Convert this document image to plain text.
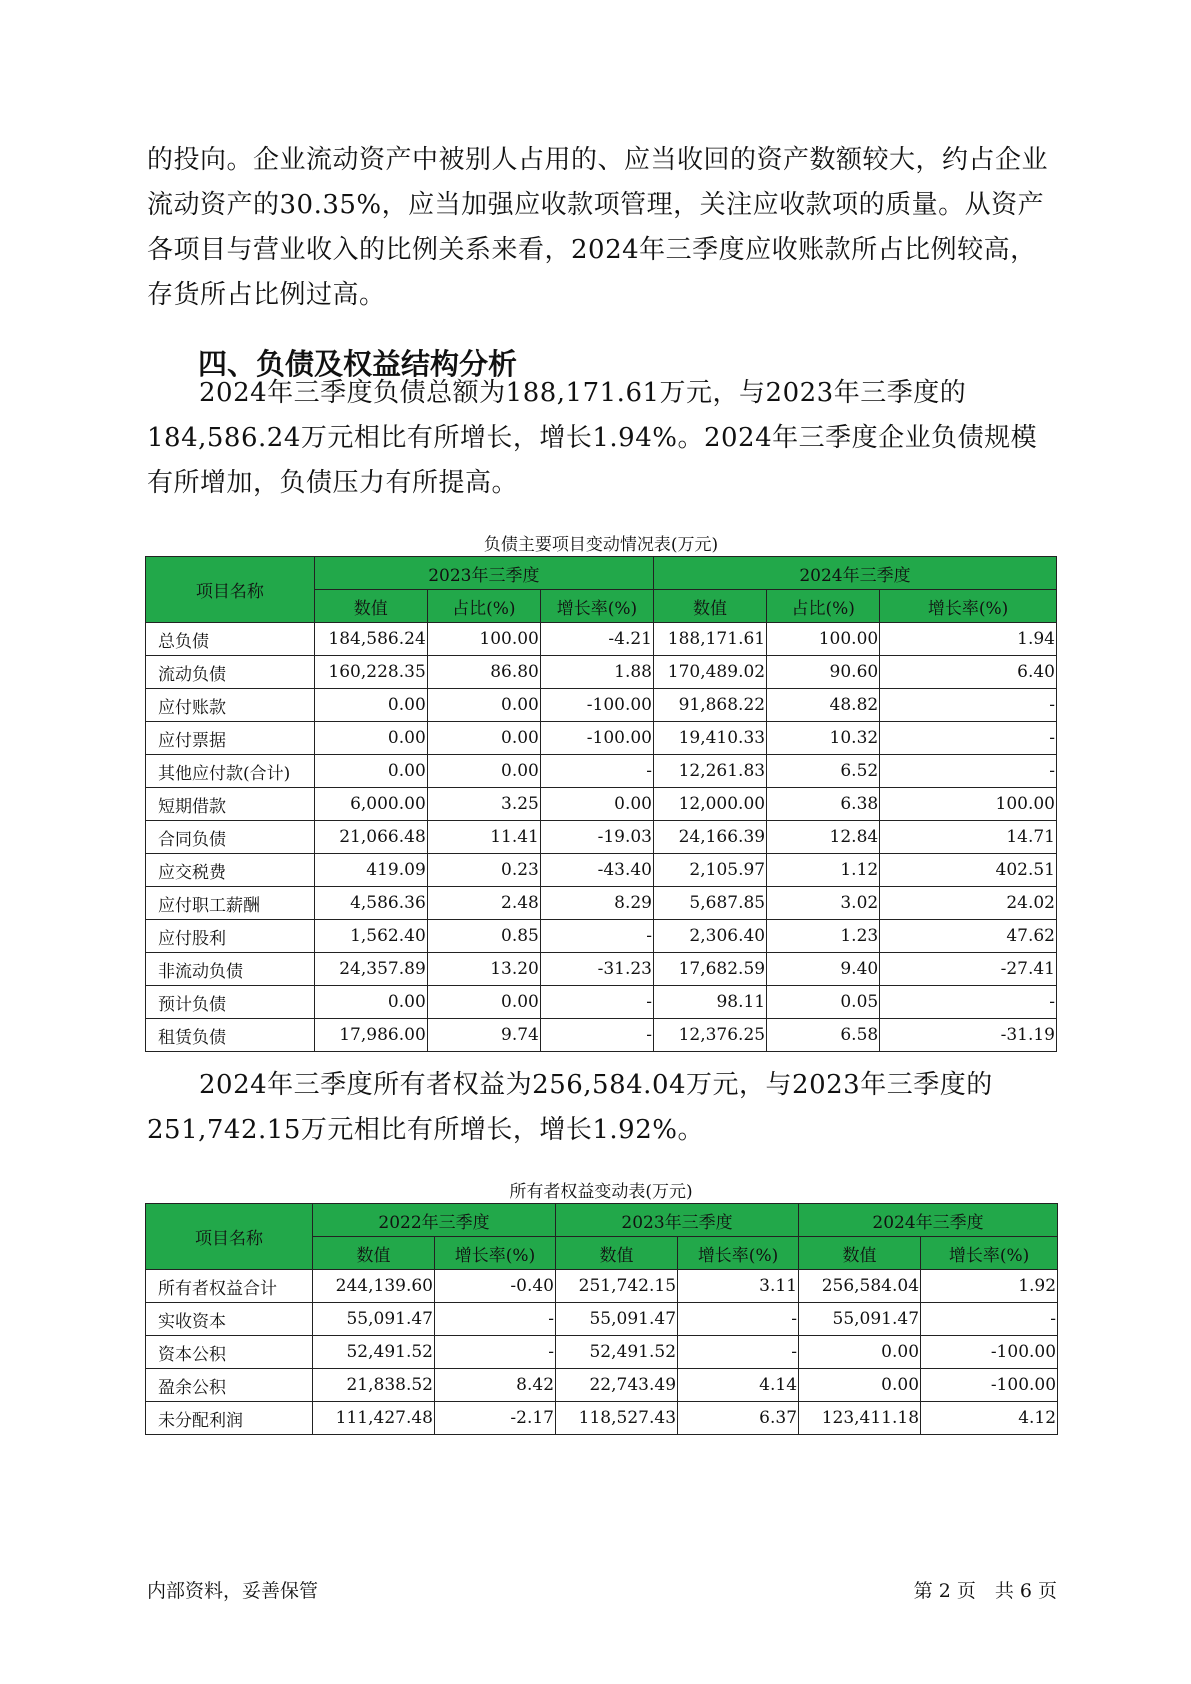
的投向。企业流动资产中被别人占用的、应当收回的资产数额较大，约占企业流动资产的30.35%，应当加强应收款项管理，关注应收款项的质量。从资产各项目与营业收入的比例关系来看，2024年三季度应收账款所占比例较高，存货所占比例过高。
四、负债及权益结构分析
2024年三季度负债总额为188,171.61万元，与2023年三季度的184,586.24万元相比有所增长，增长1.94%。2024年三季度企业负债规模有所增加，负债压力有所提高。
负债主要项目变动情况表(万元)
项目名称	2023年三季度			2024年三季度		
	数值	占比(%)	增长率(%)	数值	占比(%)	增长率(%)
总负债	184,586.24	100.00	-4.21	188,171.61	100.00	1.94
流动负债	160,228.35	86.80	1.88	170,489.02	90.60	6.40
应付账款	0.00	0.00	-100.00	91,868.22	48.82	-
应付票据	0.00	0.00	-100.00	19,410.33	10.32	-
其他应付款(合计)	0.00	0.00	-	12,261.83	6.52	-
短期借款	6,000.00	3.25	0.00	12,000.00	6.38	100.00
合同负债	21,066.48	11.41	-19.03	24,166.39	12.84	14.71
应交税费	419.09	0.23	-43.40	2,105.97	1.12	402.51
应付职工薪酬	4,586.36	2.48	8.29	5,687.85	3.02	24.02
应付股利	1,562.40	0.85	-	2,306.40	1.23	47.62
非流动负债	24,357.89	13.20	-31.23	17,682.59	9.40	-27.41
预计负债	0.00	0.00	-	98.11	0.05	-
租赁负债	17,986.00	9.74	-	12,376.25	6.58	-31.19
2024年三季度所有者权益为256,584.04万元，与2023年三季度的251,742.15万元相比有所增长，增长1.92%。
所有者权益变动表(万元)
项目名称	2022年三季度		2023年三季度		2024年三季度	
	数值	增长率(%)	数值	增长率(%)	数值	增长率(%)
所有者权益合计	244,139.60	-0.40	251,742.15	3.11	256,584.04	1.92
实收资本	55,091.47	-	55,091.47	-	55,091.47	-
资本公积	52,491.52	-	52,491.52	-	0.00	-100.00
盈余公积	21,838.52	8.42	22,743.49	4.14	0.00	-100.00
未分配利润	111,427.48	-2.17	118,527.43	6.37	123,411.18	4.12
内部资料，妥善保管	第 2 页　共 6 页
